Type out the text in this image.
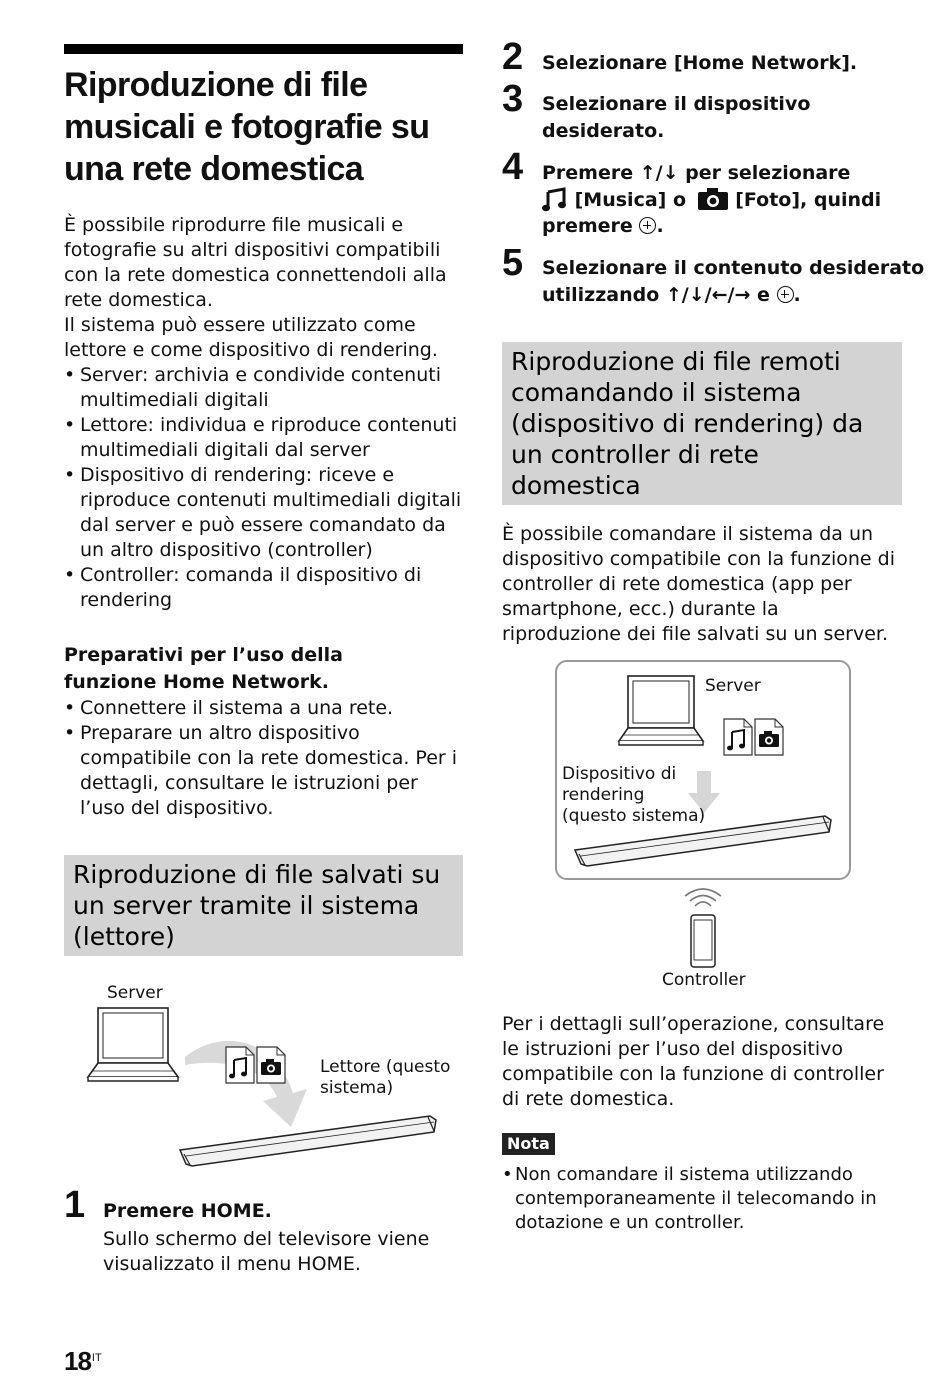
Riproduzione di file musicali e fotografie su una rete domestica

È possibile riprodurre file musicali e fotografie su altri dispositivi compatibili con la rete domestica connettendoli alla rete domestica.

Il sistema può essere utilizzato come lettore e come dispositivo di rendering.

• Server: archivia e condivide contenuti multimediali digitali
• Lettore: individua e riproduce contenuti multimediali digitali dal server
• Dispositivo di rendering: riceve e riproduce contenuti multimediali digitali dal server e può essere comandato da un altro dispositivo (controller)
• Controller: comanda il dispositivo di rendering

Preparativi per l’uso della funzione Home Network.

• Connettere il sistema a una rete.
• Preparare un altro dispositivo compatibile con la rete domestica. Per i dettagli, consultare le istruzioni per l’uso del dispositivo.
Riproduzione di file salvati su un server tramite il sistema (lettore)
Server
Lettore (questo sistema)
1 Premere HOME.
Sullo schermo del televisore viene visualizzato il menu HOME.
$18^{IT}$
2 Selezionare [Home Network].
3 Selezionare il dispositivo
desiderato.
4 Premere ↑/↓ per selezionare
[Musica] o	[Foto], quindi
premere .
5 Selezionare il contenuto desiderato
utilizzando ↑/↓/←/→ e .
Riproduzione di file remoti comandando il sistema (dispositivo di rendering) da un controller di rete domestica
È possibile comandare il sistema da un dispositivo compatibile con la funzione di controller di rete domestica (app per smartphone, ecc.) durante la riproduzione dei file salvati su un server.
Server
Dispositivo di
rendering
(questo sistema)
Controller
Per i dettagli sull’operazione, consultare le istruzioni per l’uso del dispositivo compatibile con la funzione di controller di rete domestica.
Nota
• Non comandare il sistema utilizzando contemporaneamente il telecomando in dotazione e un controller.
